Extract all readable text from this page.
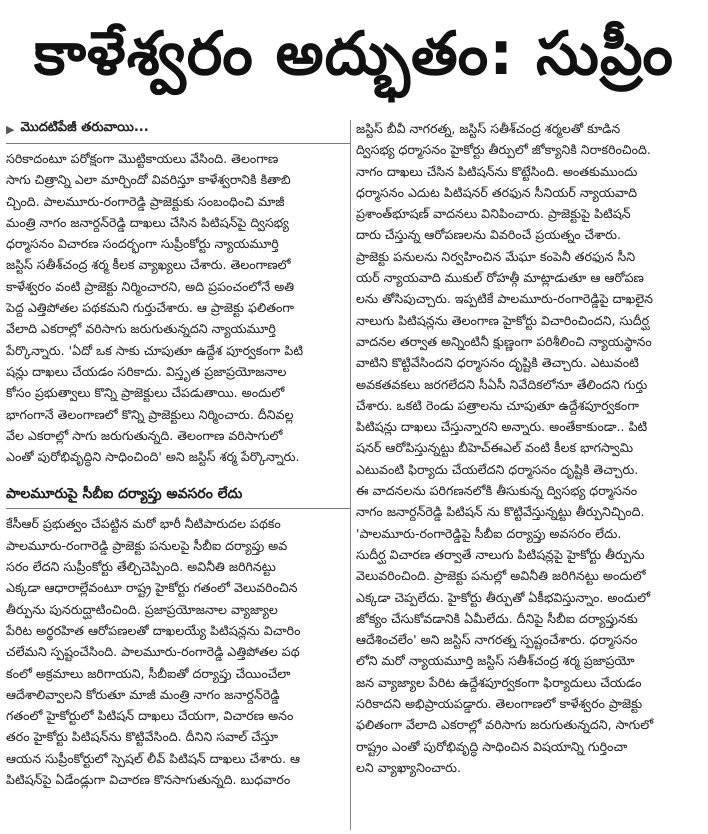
కాళేశ్వరం అద్భుతం: సుప్రీం
▶ మొదటిపేజీ తరువాయి...

సరికాదంటూ పరోక్షంగా మొట్టికాయలు వేసింది. తెలంగాణ

సాగు చిత్రాన్ని ఎలా మార్చిందో వివరిస్తూ కాళేశ్వరానికి కితాబి

చ్చింది. పాలమూరు-రంగారెడ్డి ప్రాజెక్టుకు సంబంధించి మాజీ

మంత్రి నాగం జనార్దన్‌రెడ్డి దాఖలు చేసిన పిటిషన్‌పై ద్విసభ్య

ధర్మాసనం విచారణ సందర్భంగా సుప్రీంకోర్టు న్యాయమూర్తి

జస్టిస్ సతీశ్‌చంద్ర శర్మ కీలక వ్యాఖ్యలు చేశారు. తెలంగాణలో

కాళేశ్వరం వంటి ప్రాజెక్టు నిర్మించారని, అది ప్రపంచంలోనే అతి

పెద్ద ఎత్తిపోతల పథకమని గుర్తుచేశారు. ఆ ప్రాజెక్టు ఫలితంగా

వేలాది ఎకరాల్లో వరిసాగు జరుగుతున్నదని న్యాయమూర్తి

పేర్కొన్నారు. 'ఏదో ఒక సాకు చూపుతూ ఉద్దేశ పూర్వకంగా పిటి

షన్లు దాఖలు చేయడం సరికాదు. విస్తృత ప్రజాప్రయోజనాల

కోసం ప్రభుత్వాలు కొన్ని ప్రాజెక్టులు చేపడుతాయి. అందులో

భాగంగానే తెలంగాణలో కొన్ని ప్రాజెక్టులు నిర్మించారు. దీనివల్ల

వేల ఎకరాల్లో సాగు జరుగుతున్నది. తెలంగాణ వరిసాగులో

ఎంతో పురోభివృద్ధిని సాధించింది' అని జస్టిస్ శర్మ పేర్కొన్నారు.

పాలమూరుపై సీబీఐ దర్యాప్తు అవసరం లేదు

కేసీఆర్ ప్రభుత్వం చేపట్టిన మరో భారీ నీటిపారుదల పథకం

పాలమూరు-రంగారెడ్డి ప్రాజెక్టు పనులపై సీబీఐ దర్యాప్తు అవ

సరం లేదని సుప్రీంకోర్టు తేల్చిచెప్పింది. అవినీతి జరిగినట్టు

ఎక్కడా ఆధారాల్లేవంటూ రాష్ట్ర హైకోర్టు గతంలో వెలువరించిన

తీర్పును పునరుద్ఘాటించింది. ప్రజాప్రయోజనాల వ్యాజ్యాల

పేరిట అర్థరహిత ఆరోపణలతో దాఖలయ్యే పిటిషన్లను విచారిం

చలేమని స్పష్టంచేసింది. పాలమూరు-రంగారెడ్డి ఎత్తిపోతల పథ

కంలో అక్రమాలు జరిగాయని, సీబీఐతో దర్యాప్తు చేయించేలా

ఆదేశాలివ్వాలని కోరుతూ మాజీ మంత్రి నాగం జనార్దన్‌రెడ్డి

గతంలో హైకోర్టులో పిటిషన్ దాఖలు చేయగా, విచారణ అనం

తరం హైకోర్టు పిటిషన్‌ను కొట్టివేసింది. దీనిని సవాల్ చేస్తూ

ఆయన సుప్రీంకోర్టులో స్పెషల్ లీవ్ పిటిషన్ దాఖలు చేశారు. ఆ

పిటిషన్‌పై ఏడేండ్లుగా విచారణ కొనసాగుతున్నది. బుధవారం

జస్టిస్ బీవీ నాగరత్న, జస్టిస్ సతీశ్‌చంద్ర శర్మలతో కూడిన

ద్విసభ్య ధర్మాసనం హైకోర్టు తీర్పులో జోక్యానికి నిరాకరించింది.

నాగం దాఖలు చేసిన పిటిషన్‌ను కొట్టేసింది. అంతకుముందు

ధర్మాసనం ఎదుట పిటిషనర్ తరఫున సీనియర్ న్యాయవాది

ప్రశాంత్‌భూషణ్ వాదనలు వినిపించారు. ప్రాజెక్టుపై పిటిషన్

దారు చేస్తున్న ఆరోపణలను వివరించే ప్రయత్నం చేశారు.

ప్రాజెక్టు పనులను నిర్వహించిన మేఘా కంపెనీ తరఫున సీని

యర్ న్యాయవాది ముకుల్ రోహత్గీ మాట్లాడుతూ ఆ ఆరోపణ

లను తోసిపుచ్చారు. ఇప్పటికే పాలమూరు-రంగారెడ్డిపై దాఖలైన

నాలుగు పిటిషన్లను తెలంగాణ హైకోర్టు విచారించిందని, సుదీర్ఘ

వాదనల తర్వాత అన్నింటినీ క్షుణ్ణంగా పరిశీలించి న్యాయస్థానం

వాటిని కొట్టివేసిందని ధర్మాసనం దృష్టికి తెచ్చారు. ఎటువంటి

అవకతవకలు జరగలేదని సీఏసీ నివేదికలోనూ తేలిందని గుర్తు

చేశారు. ఒకటి రెండు పత్రాలను చూపుతూ ఉద్దేశపూర్వకంగా

పిటిషన్లు దాఖలు చేస్తున్నారని అన్నారు. అంతేకాకుండా.. పిటి

షనర్ ఆరోపిస్తున్నట్టు బీహెచ్‌ఈఎల్ వంటి కీలక భాగస్వామి

ఎటువంటి ఫిర్యాదు చేయలేదని ధర్మాసనం దృష్టికి తెచ్చారు.

ఈ వాదనలను పరిగణనలోకి తీసుకున్న ద్విసభ్య ధర్మాసనం

నాగం జనార్దన్‌రెడ్డి పిటిషన్ ను కొట్టివేస్తున్నట్టు తీర్పునిచ్చింది.

'పాలమూరు-రంగారెడ్డిపై సీబీఐ దర్యాప్తు అవసరం లేదు.

సుదీర్ఘ విచారణ తర్వాతే నాలుగు పిటిషన్లపై హైకోర్టు తీర్పును

వెలువరించింది. ప్రాజెక్టు పనుల్లో అవినీతి జరిగినట్టు అందులో

ఎక్కడా చెప్పలేదు. హైకోర్టు తీర్పుతో ఏకీభవిస్తున్నాం. అందులో

జోక్యం చేసుకోవడానికి ఏమీలేదు. దీనిపై సీబీఐ దర్యాప్తునకు

ఆదేశించలేం' అని జస్టిస్ నాగరత్న స్పష్టంచేశారు. ధర్మాసనం

లోని మరో న్యాయమూర్తి జస్టిస్ సతీశ్‌చంద్ర శర్మ ప్రజాప్రయో

జన వ్యాజ్యాల పేరిట ఉద్దేశపూర్వకంగా ఫిర్యాదులు చేయడం

సరికాదని అభిప్రాయపడ్డారు. తెలంగాణలో కాళేశ్వరం ప్రాజెక్టు

ఫలితంగా వేలాది ఎకరాల్లో వరిసాగు జరుగుతున్నదని, సాగులో

రాష్ట్రం ఎంతో పురోభివృద్ధి సాధించిన విషయాన్ని గుర్తించా

లని వ్యాఖ్యానించారు.
